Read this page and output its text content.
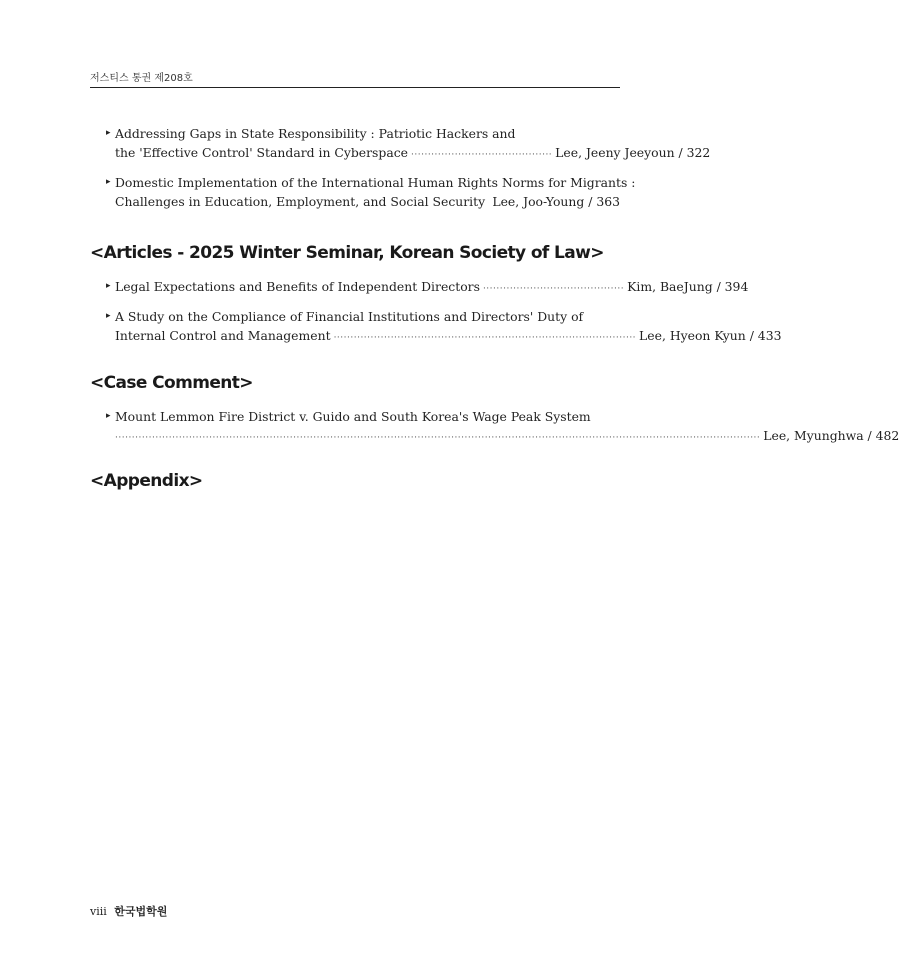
저스티스 통권 제208호
▸ Addressing Gaps in State Responsibility : Patriotic Hackers and
the 'Effective Control' Standard in Cyberspace ·········································· Lee, Jeeny Jeeyoun / 322
▸ Domestic Implementation of the International Human Rights Norms for Migrants :
Challenges in Education, Employment, and Social Security Lee, Joo-Young / 363
<Articles - 2025 Winter Seminar, Korean Society of Law>
▸ Legal Expectations and Benefits of Independent Directors ·········································· Kim, BaeJung / 394
▸ A Study on the Compliance of Financial Institutions and Directors' Duty of
Internal Control and Management ·························································································· Lee, Hyeon Kyun / 433
<Case Comment>
▸ Mount Lemmon Fire District v. Guido and South Korea's Wage Peak System
································································································································································································ Lee, Myunghwa / 482
<Appendix>
viii 한국법학원
